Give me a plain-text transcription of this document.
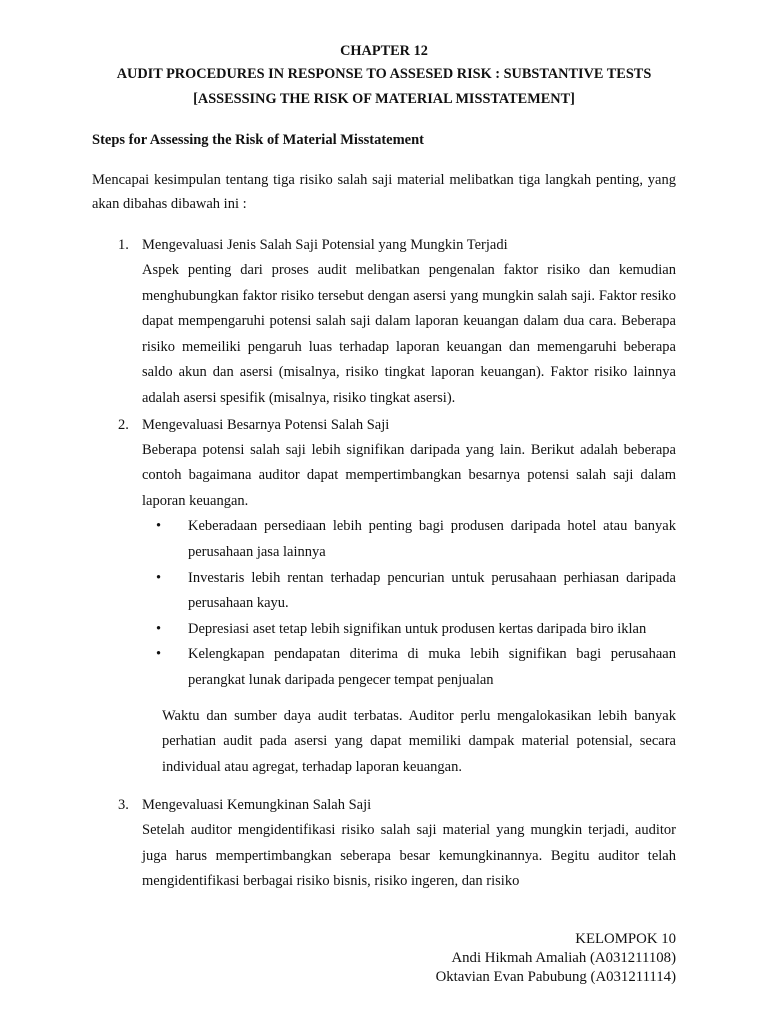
CHAPTER 12
AUDIT PROCEDURES IN RESPONSE TO ASSESED RISK : SUBSTANTIVE TESTS
[ASSESSING THE RISK OF MATERIAL MISSTATEMENT]
Steps for Assessing the Risk of Material Misstatement
Mencapai kesimpulan tentang tiga risiko salah saji material melibatkan tiga langkah penting, yang akan dibahas dibawah ini :
1. Mengevaluasi Jenis Salah Saji Potensial yang Mungkin Terjadi
Aspek penting dari proses audit melibatkan pengenalan faktor risiko dan kemudian menghubungkan faktor risiko tersebut dengan asersi yang mungkin salah saji. Faktor resiko dapat mempengaruhi potensi salah saji dalam laporan keuangan dalam dua cara. Beberapa risiko memeiliki pengaruh luas terhadap laporan keuangan dan memengaruhi beberapa saldo akun dan asersi (misalnya, risiko tingkat laporan keuangan). Faktor risiko lainnya adalah asersi spesifik (misalnya, risiko tingkat asersi).
2. Mengevaluasi Besarnya Potensi Salah Saji
Beberapa potensi salah saji lebih signifikan daripada yang lain. Berikut adalah beberapa contoh bagaimana auditor dapat mempertimbangkan besarnya potensi salah saji dalam laporan keuangan.
• Keberadaan persediaan lebih penting bagi produsen daripada hotel atau banyak perusahaan jasa lainnya
• Investaris lebih rentan terhadap pencurian untuk perusahaan perhiasan daripada perusahaan kayu.
• Depresiasi aset tetap lebih signifikan untuk produsen kertas daripada biro iklan
• Kelengkapan pendapatan diterima di muka lebih signifikan bagi perusahaan perangkat lunak daripada pengecer tempat penjualan
Waktu dan sumber daya audit terbatas. Auditor perlu mengalokasikan lebih banyak perhatian audit pada asersi yang dapat memiliki dampak material potensial, secara individual atau agregat, terhadap laporan keuangan.
3. Mengevaluasi Kemungkinan Salah Saji
Setelah auditor mengidentifikasi risiko salah saji material yang mungkin terjadi, auditor juga harus mempertimbangkan seberapa besar kemungkinannya. Begitu auditor telah mengidentifikasi berbagai risiko bisnis, risiko ingeren, dan risiko
KELOMPOK 10
Andi Hikmah Amaliah (A031211108)
Oktavian Evan Pabubung (A031211114)
